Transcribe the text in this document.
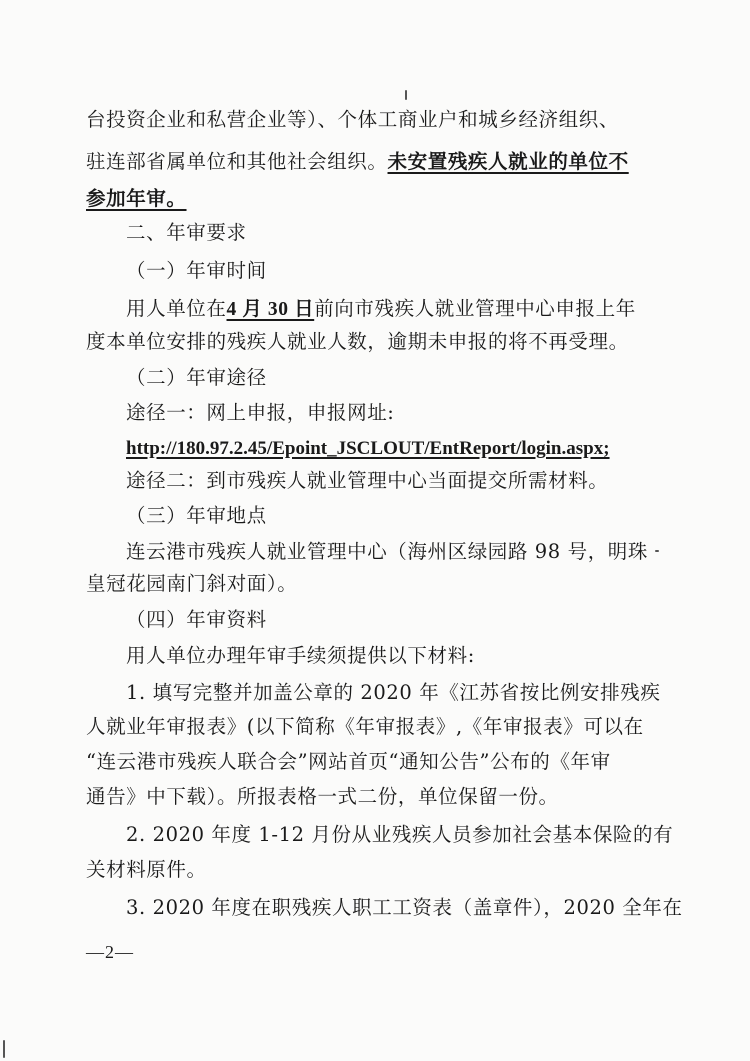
台投资企业和私营企业等）、个体工商业户和城乡经济组织、
驻连部省属单位和其他社会组织。未安置残疾人就业的单位不
参加年审。
二、年审要求
（一）年审时间
用人单位在4 月 30 日前向市残疾人就业管理中心申报上年
度本单位安排的残疾人就业人数，逾期未申报的将不再受理。
（二）年审途径
途径一：网上申报，申报网址:
http://180.97.2.45/Epoint_JSCLOUT/EntReport/login.aspx;
途径二：到市残疾人就业管理中心当面提交所需材料。
（三）年审地点
连云港市残疾人就业管理中心（海州区绿园路 98 号，明珠
皇冠花园南门斜对面）。
（四）年审资料
用人单位办理年审手续须提供以下材料:
1. 填写完整并加盖公章的 2020 年《江苏省按比例安排残疾
人就业年审报表》(以下简称《年审报表》,《年审报表》可以在
“连云港市残疾人联合会”网站首页“通知公告”公布的《年审
通告》中下载）。所报表格一式二份，单位保留一份。
2. 2020 年度 1-12 月份从业残疾人员参加社会基本保险的有
关材料原件。
3. 2020 年度在职残疾人职工工资表（盖章件），2020 全年在
—2—
